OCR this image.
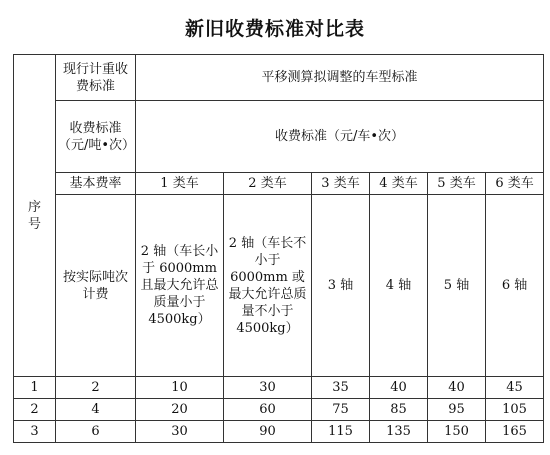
新旧收费标准对比表
序号	现行计重收费标准	平移测算拟调整的车型标准					
	收费标准（元/吨•次）	收费标准（元/车•次）					
	基本费率	1 类车	2 类车	3 类车	4 类车	5 类车	6 类车
	按实际吨次计费	2 轴（车长小于 6000mm 且最大允许总质量小于 4500kg）	2 轴（车长不小于 6000mm 或最大允许总质量不小于 4500kg）	3 轴	4 轴	5 轴	6 轴
1	2	10	30	35	40	40	45
2	4	20	60	75	85	95	105
3	6	30	90	115	135	150	165
